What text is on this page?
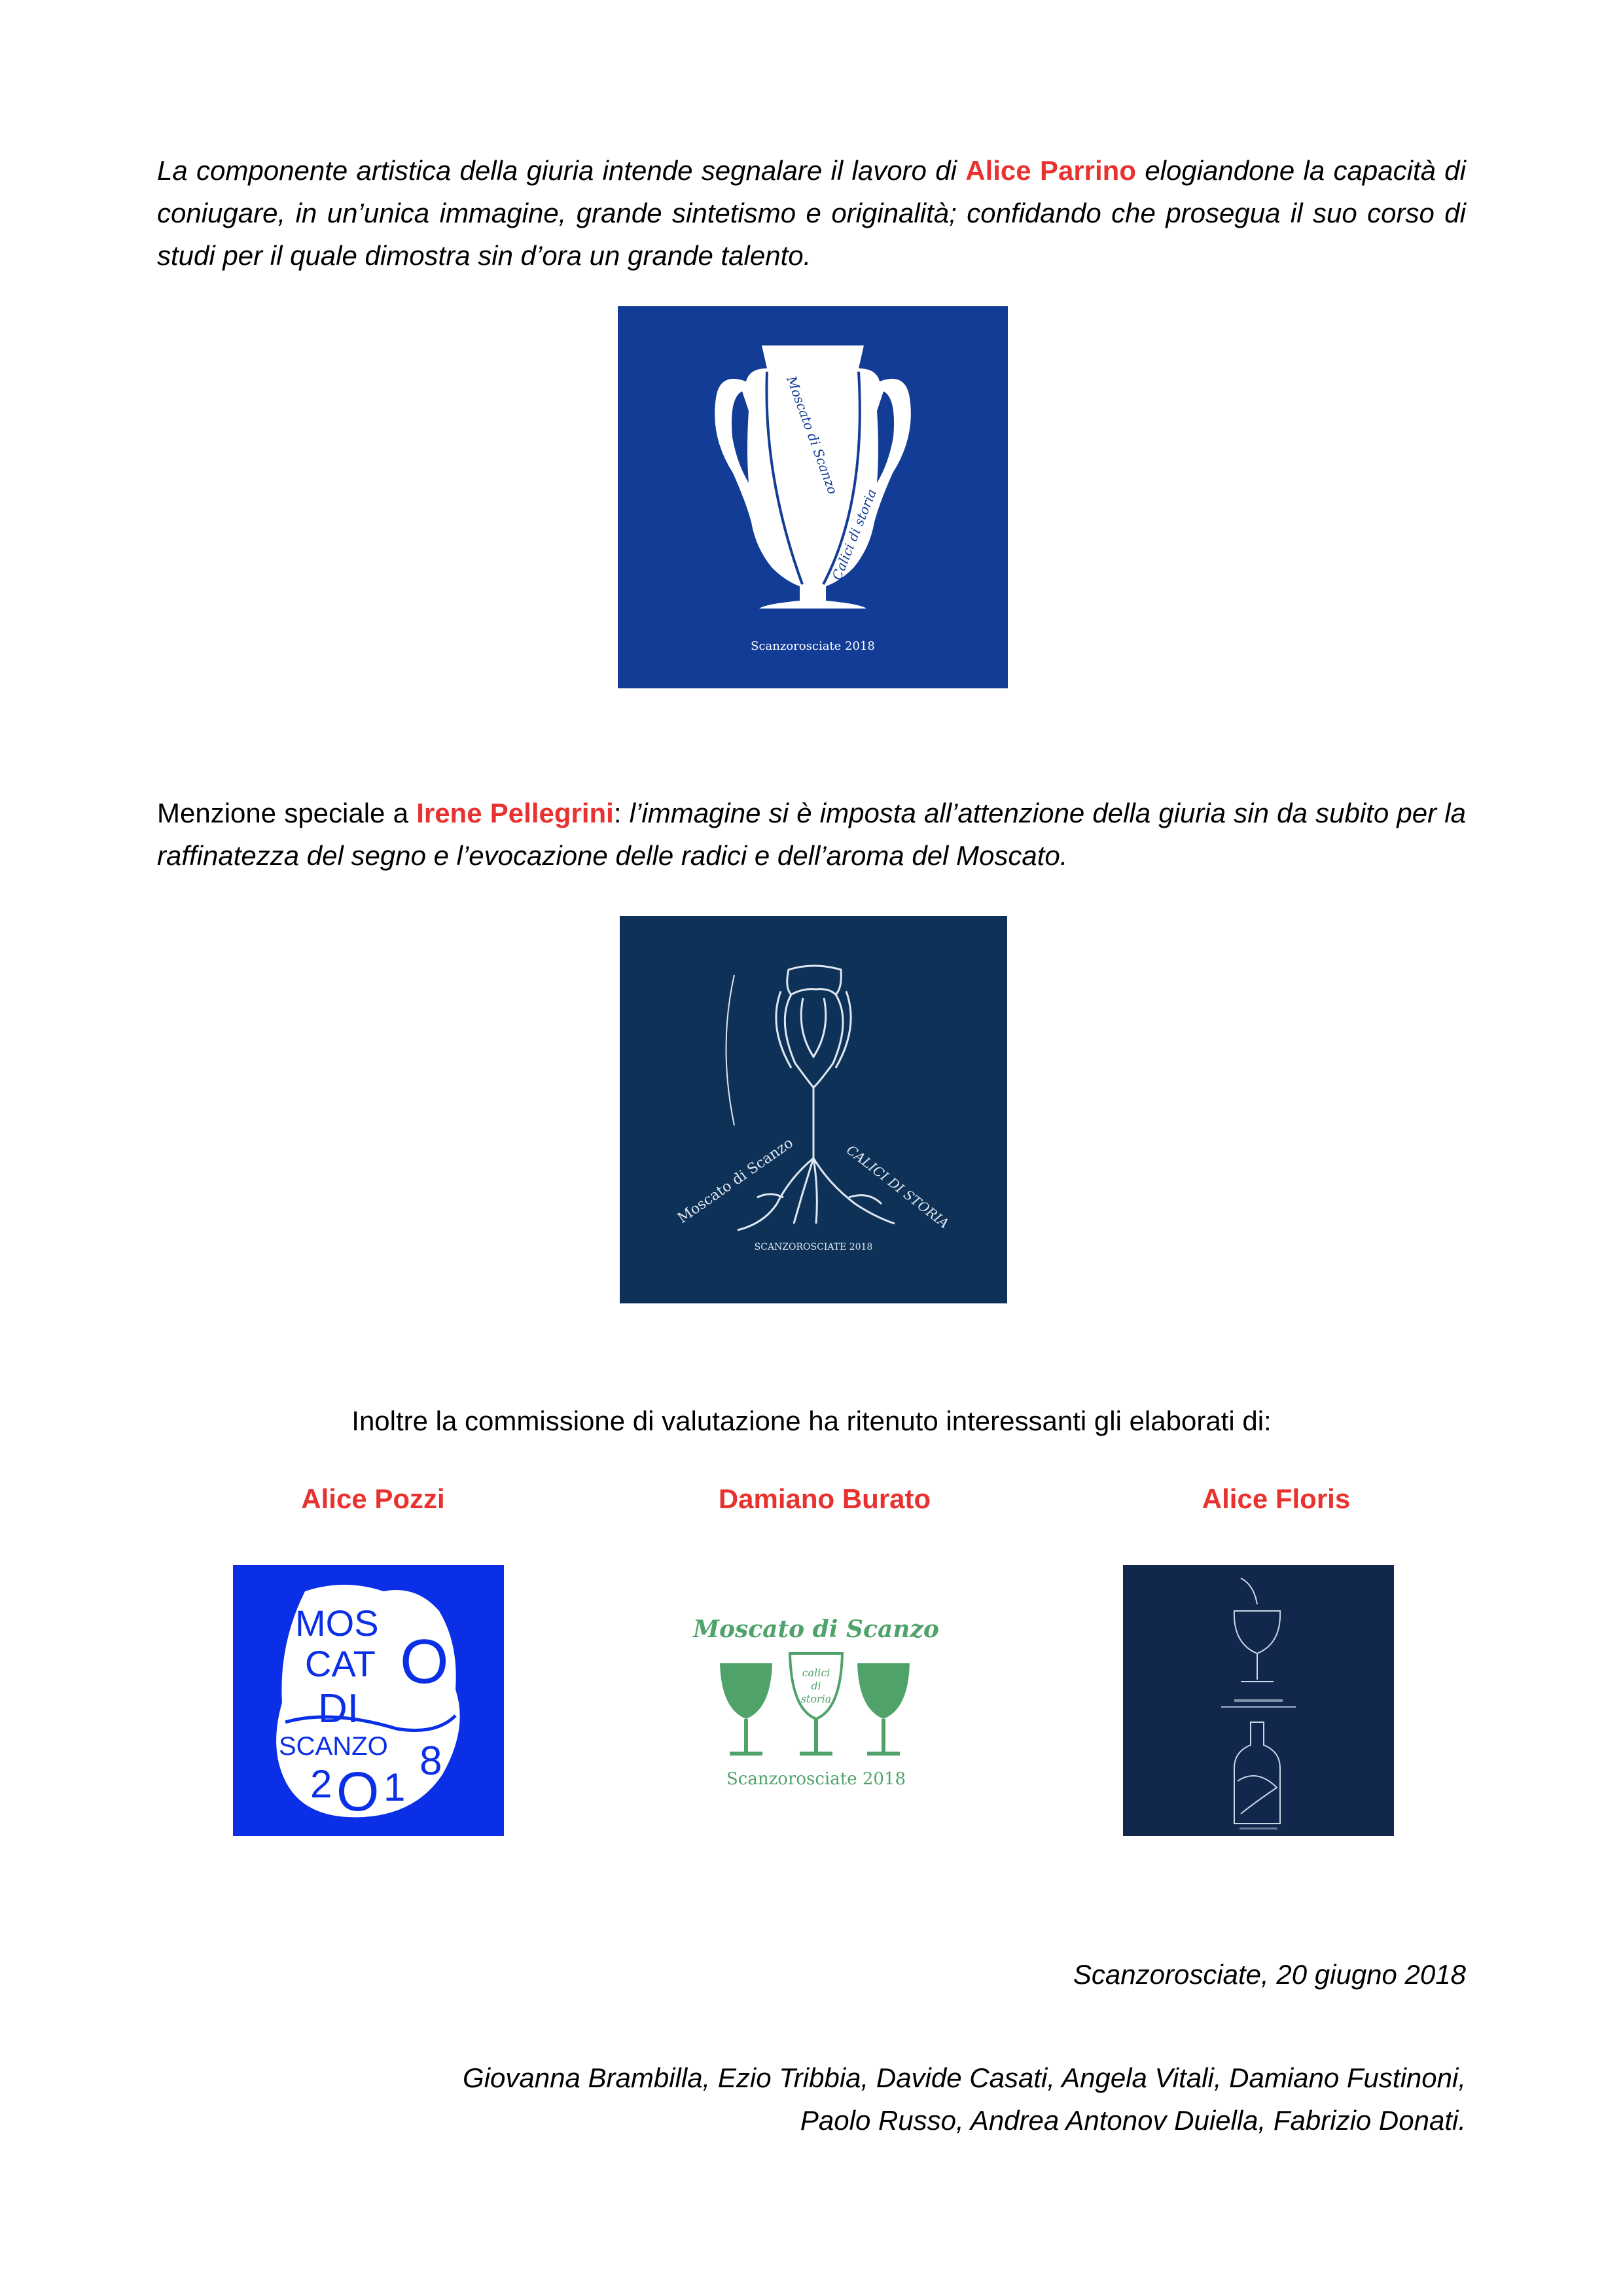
La componente artistica della giuria intende segnalare il lavoro di Alice Parrino elogiandone la capacità di coniugare, in un’unica immagine, grande sintetismo e originalità; confidando che prosegua il suo corso di studi per il quale dimostra sin d’ora un grande talento.

Moscato di Scanzo
Calici di storia
Scanzorosciate 2018

Menzione speciale a Irene Pellegrini: l’immagine si è imposta all’attenzione della giuria sin da subito per la raffinatezza del segno e l’evocazione delle radici e dell’aroma del Moscato.

Moscato di Scanzo	CALICI DI STORIA
SCANZOROSCIATE 2018
Inoltre la commissione di valutazione ha ritenuto interessanti gli elaborati di:
Alice Pozzi	Damiano Burato	Alice Floris
MOS
CAT O
DI
SCANZO
2 O 1
8
Moscato di Scanzo
calici
di
storia
Scanzorosciate 2018
Scanzorosciate, 20 giugno 2018
Giovanna Brambilla, Ezio Tribbia, Davide Casati, Angela Vitali, Damiano Fustinoni,
Paolo Russo, Andrea Antonov Duiella, Fabrizio Donati.
